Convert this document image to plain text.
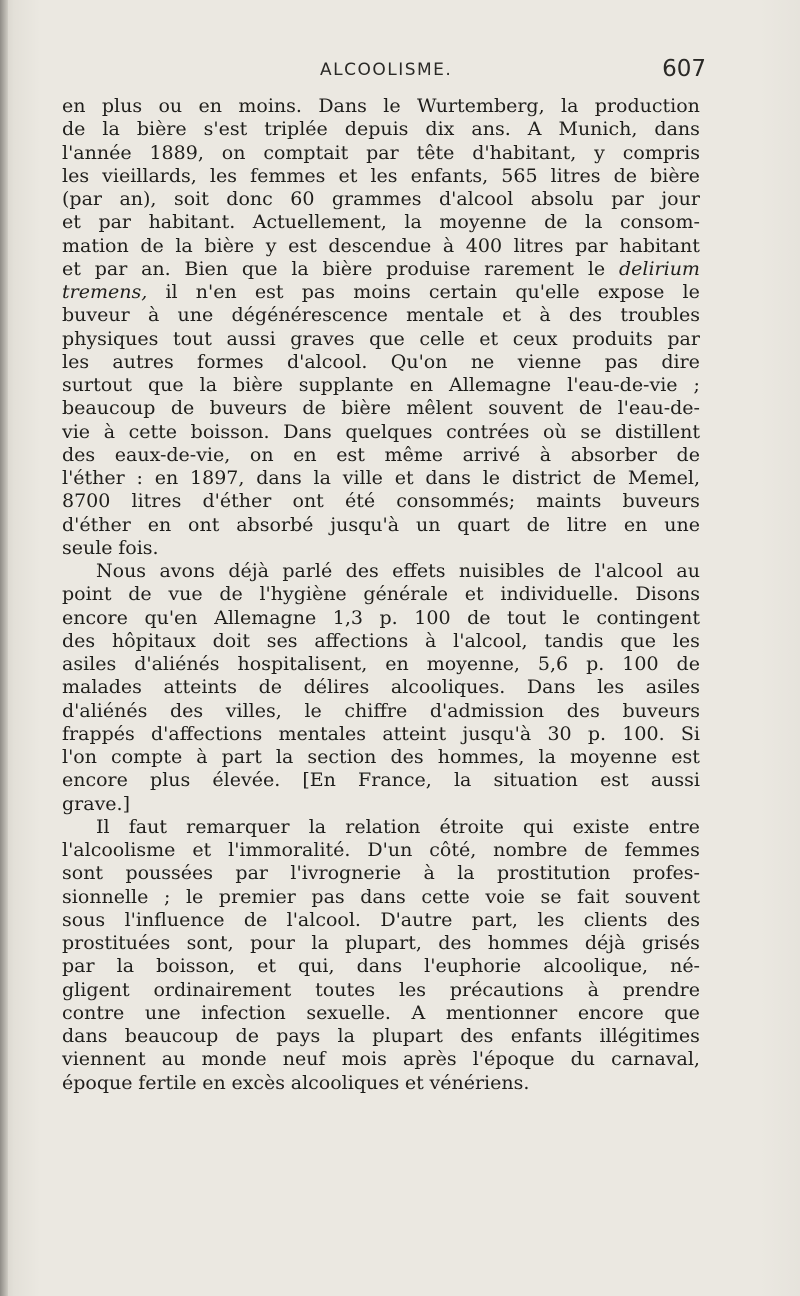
ALCOOLISME.	607
en plus ou en moins. Dans le Wurtemberg, la production
de la bière s'est triplée depuis dix ans. A Munich, dans
l'année 1889, on comptait par tête d'habitant, y compris
les vieillards, les femmes et les enfants, 565 litres de bière
(par an), soit donc 60 grammes d'alcool absolu par jour
et par habitant. Actuellement, la moyenne de la consom-
mation de la bière y est descendue à 400 litres par habitant
et par an. Bien que la bière produise rarement le delirium
tremens, il n'en est pas moins certain qu'elle expose le
buveur à une dégénérescence mentale et à des troubles
physiques tout aussi graves que celle et ceux produits par
les autres formes d'alcool. Qu'on ne vienne pas dire
surtout que la bière supplante en Allemagne l'eau-de-vie ;
beaucoup de buveurs de bière mêlent souvent de l'eau-de-
vie à cette boisson. Dans quelques contrées où se distillent
des eaux-de-vie, on en est même arrivé à absorber de
l'éther : en 1897, dans la ville et dans le district de Memel,
8700 litres d'éther ont été consommés; maints buveurs
d'éther en ont absorbé jusqu'à un quart de litre en une
seule fois.
Nous avons déjà parlé des effets nuisibles de l'alcool au
point de vue de l'hygiène générale et individuelle. Disons
encore qu'en Allemagne 1,3 p. 100 de tout le contingent
des hôpitaux doit ses affections à l'alcool, tandis que les
asiles d'aliénés hospitalisent, en moyenne, 5,6 p. 100 de
malades atteints de délires alcooliques. Dans les asiles
d'aliénés des villes, le chiffre d'admission des buveurs
frappés d'affections mentales atteint jusqu'à 30 p. 100. Si
l'on compte à part la section des hommes, la moyenne est
encore plus élevée. [En France, la situation est aussi
grave.]
Il faut remarquer la relation étroite qui existe entre
l'alcoolisme et l'immoralité. D'un côté, nombre de femmes
sont poussées par l'ivrognerie à la prostitution profes-
sionnelle ; le premier pas dans cette voie se fait souvent
sous l'influence de l'alcool. D'autre part, les clients des
prostituées sont, pour la plupart, des hommes déjà grisés
par la boisson, et qui, dans l'euphorie alcoolique, né-
gligent ordinairement toutes les précautions à prendre
contre une infection sexuelle. A mentionner encore que
dans beaucoup de pays la plupart des enfants illégitimes
viennent au monde neuf mois après l'époque du carnaval,
époque fertile en excès alcooliques et vénériens.
